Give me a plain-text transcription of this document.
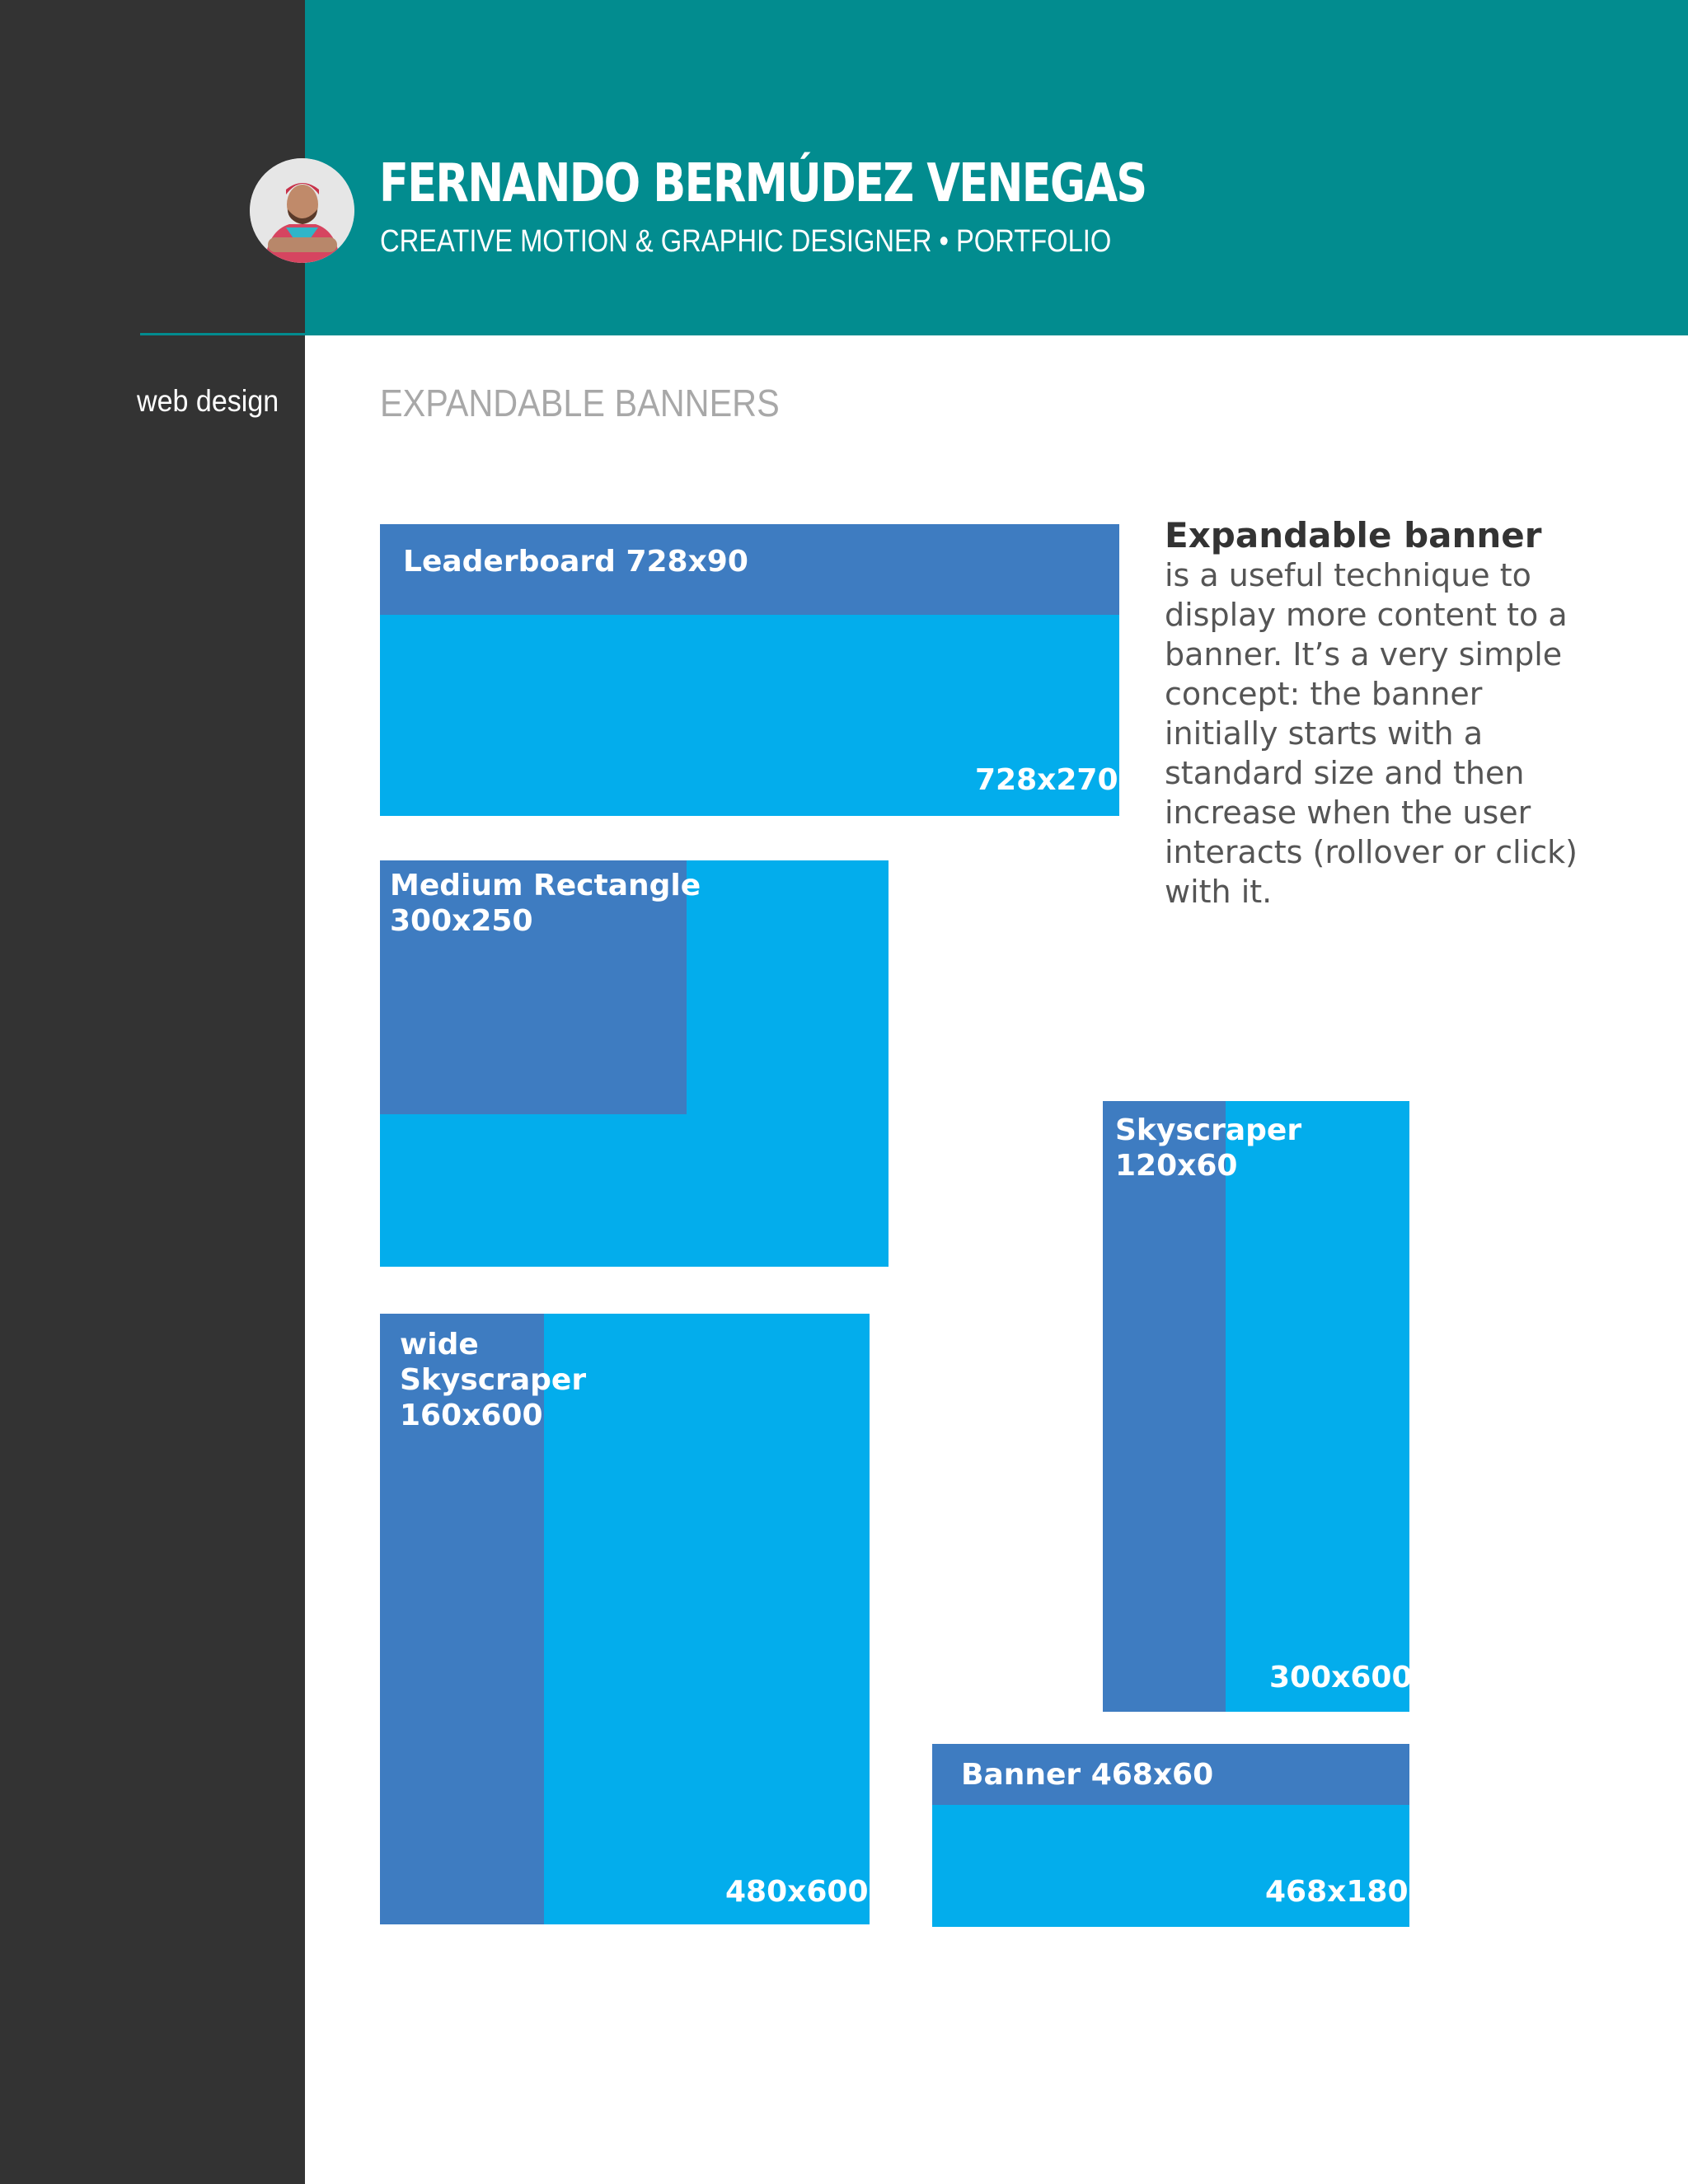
FERNANDO BERMÚDEZ VENEGAS

CREATIVE MOTION & GRAPHIC DESIGNER • PORTFOLIO

web design	EXPANDABLE BANNERS
Leaderboard 728x90
728x270
Medium Rectangle
300x250
wide
Skyscraper
160x600
480x600
Skyscraper
120x60
300x600
Banner 468x60
468x180
Expandable banner
is a useful technique to display more content to a banner. It’s a very simple concept: the banner initially starts with a standard size and then increase when the user interacts (rollover or click) with it.
